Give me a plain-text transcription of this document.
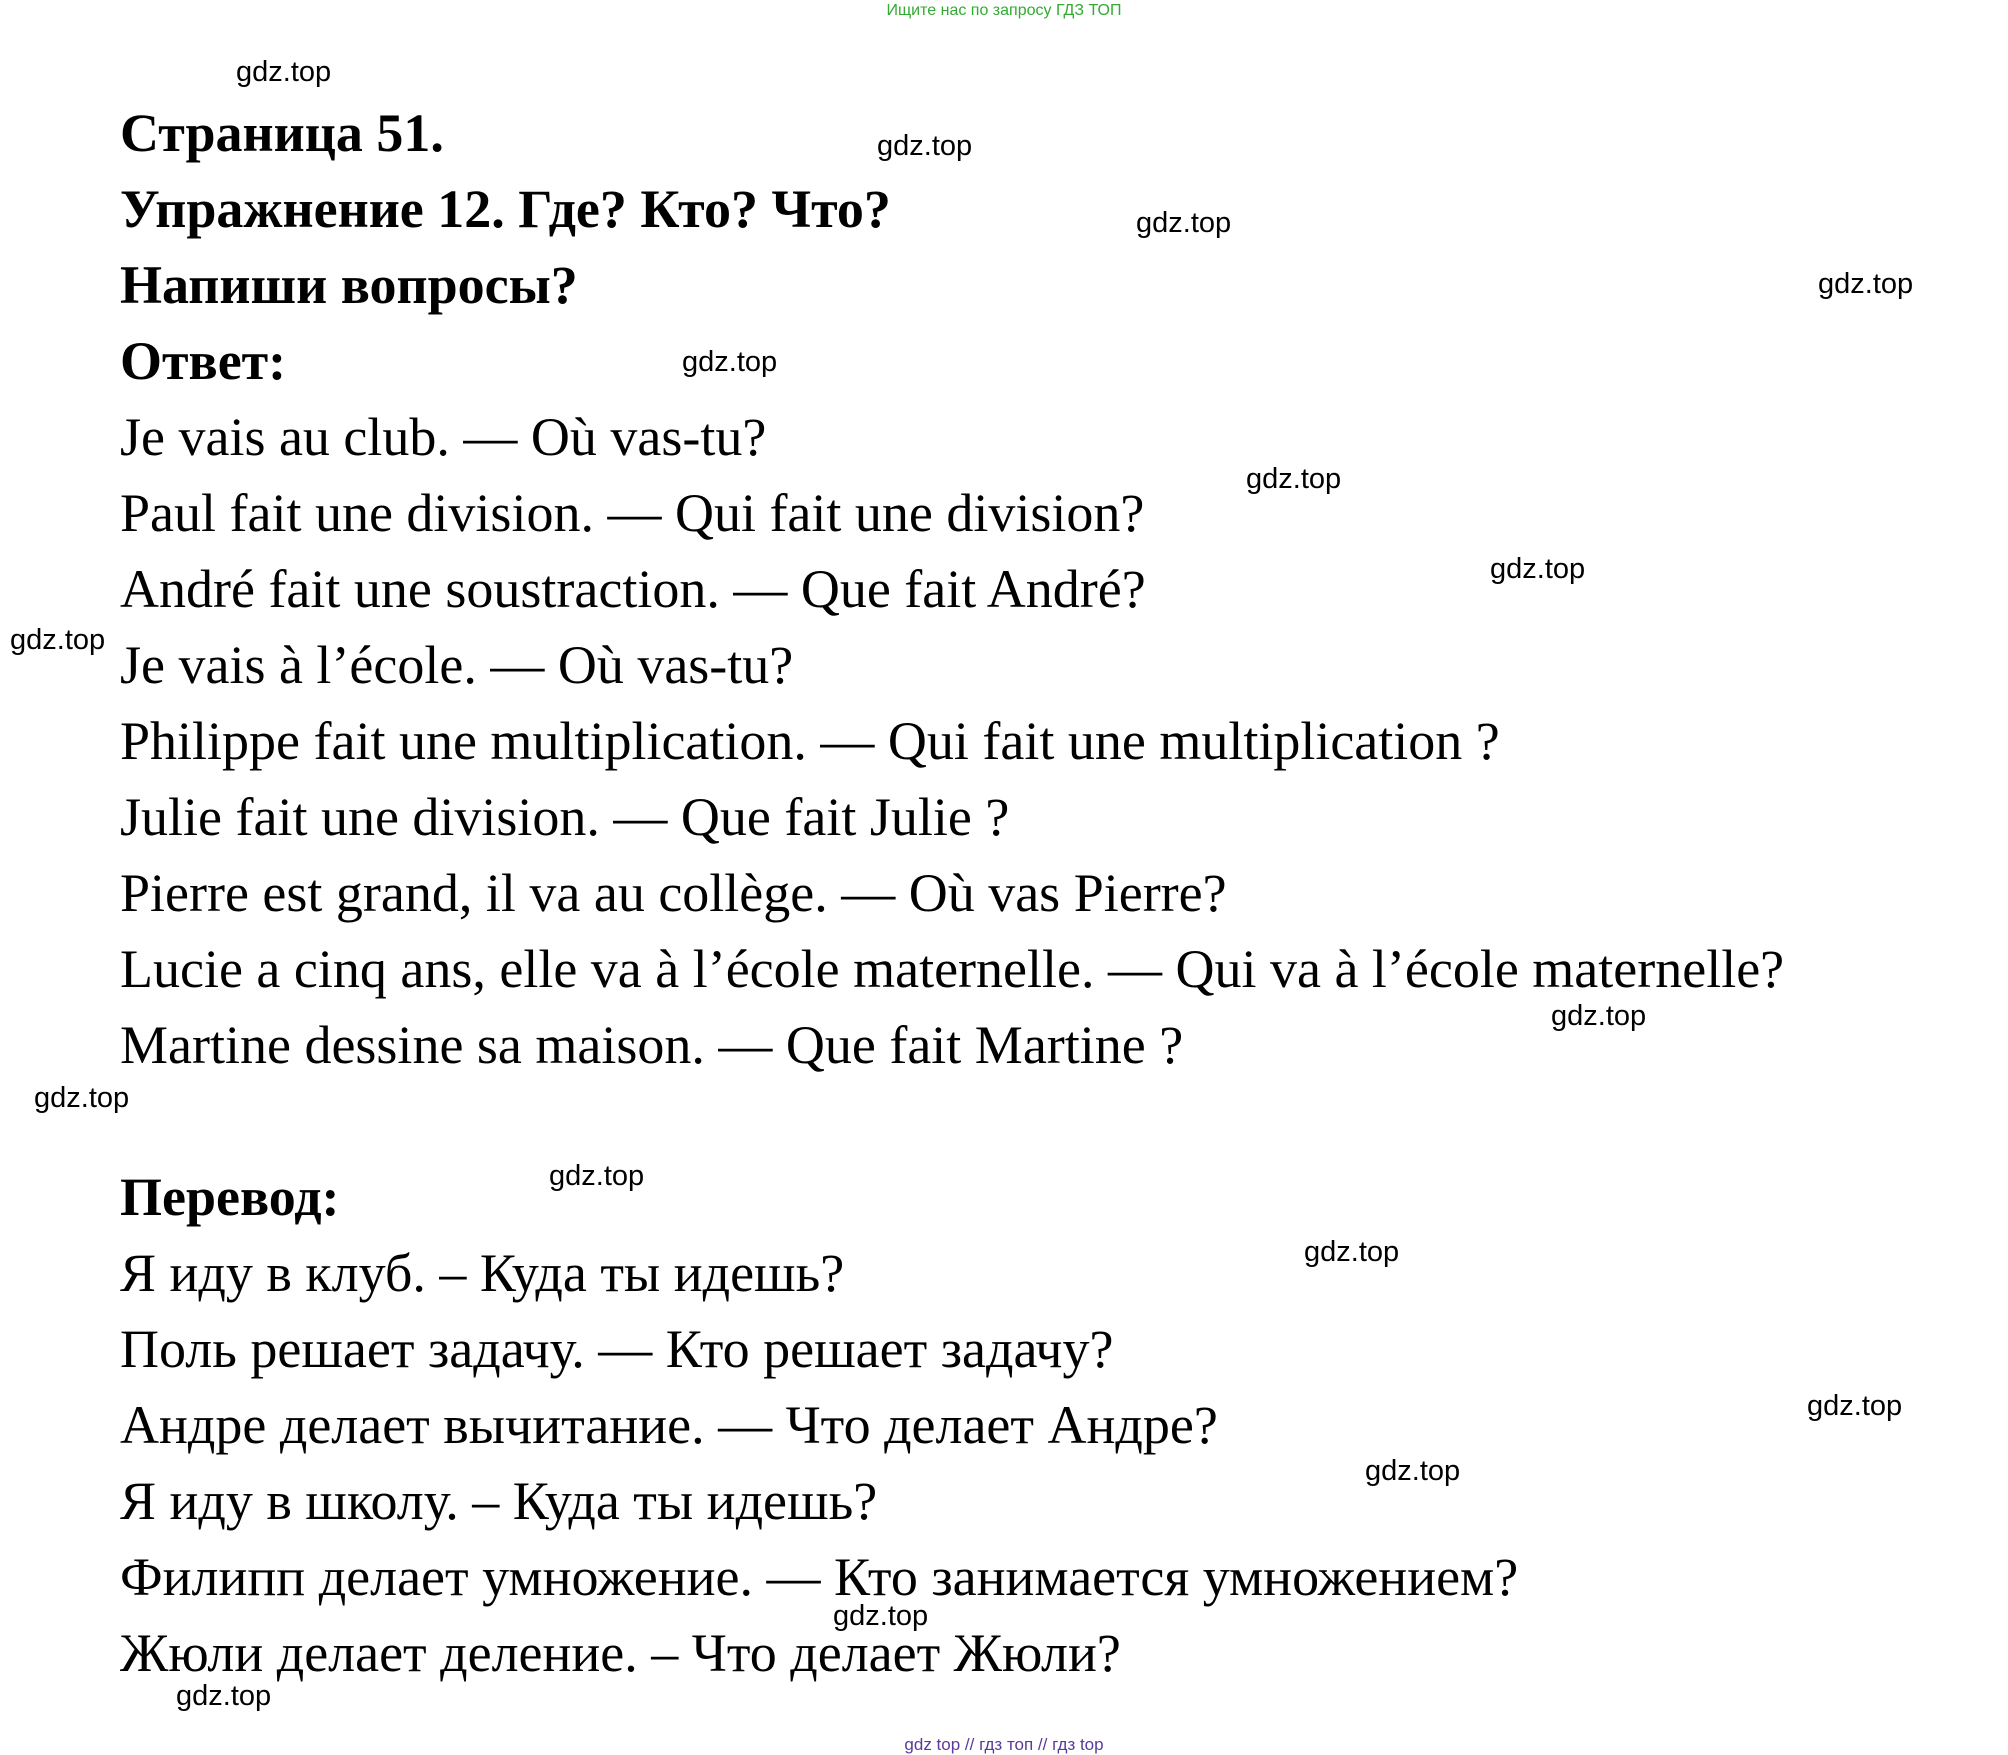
Ищите нас по запросу ГДЗ ТОП
Страница 51.
Упражнение 12. Где? Кто? Что?
Напиши вопросы?
Ответ:
Je vais au club. — Où vas-tu?
Paul fait une division. — Qui fait une division?
André fait une soustraction. — Que fait André?
Je vais à l’école. — Où vas-tu?
Philippe fait une multiplication. — Qui fait une multiplication ?
Julie fait une division. — Que fait Julie ?
Pierre est grand, il va au collège. — Où vas Pierre?
Lucie a cinq ans, elle va à l’école maternelle. — Qui va à l’école maternelle?
Martine dessine sa maison. — Que fait Martine ?
Перевод:
Я иду в клуб. – Куда ты идешь?
Поль решает задачу. — Кто решает задачу?
Андре делает вычитание. — Что делает Андре?
Я иду в школу. – Куда ты идешь?
Филипп делает умножение. — Кто занимается умножением?
Жюли делает деление. – Что делает Жюли?
gdz.top
gdz.top
gdz.top
gdz.top
gdz.top
gdz.top
gdz.top
gdz.top
gdz.top
gdz.top
gdz.top
gdz.top
gdz.top
gdz.top
gdz.top
gdz.top
gdz top // гдз топ // гдз top
